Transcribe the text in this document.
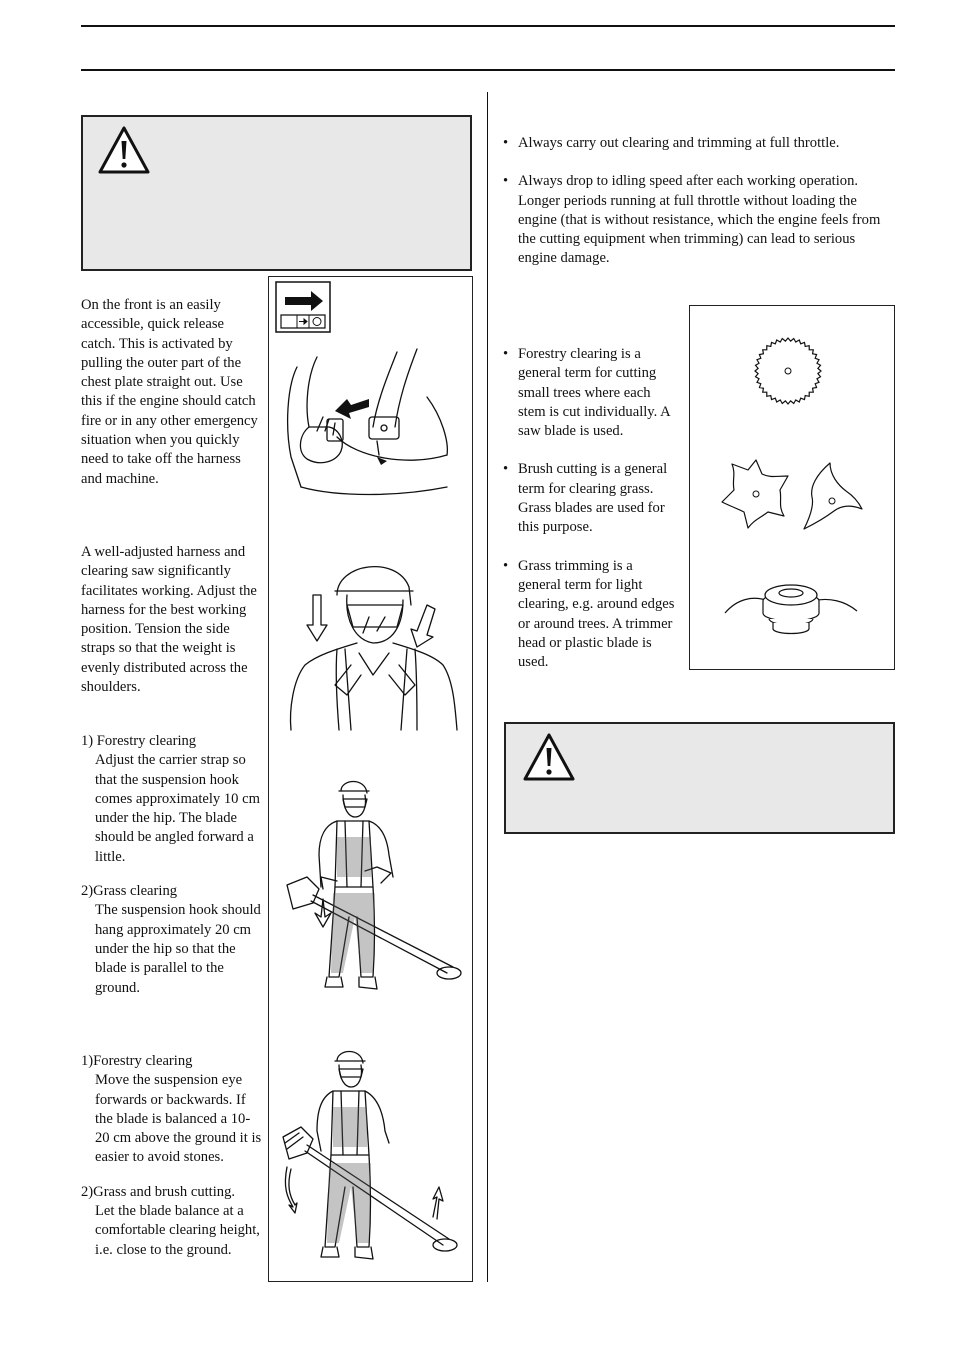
On the front is an easily accessible, quick release catch. This is activated by pulling the outer part of the chest plate straight out. Use this if the engine should catch fire or in any other emergency situation when you quickly need to take off the harness and machine.

A well-adjusted harness and clearing saw significantly facilitates working. Adjust the harness for the best working position. Tension the side straps so that the weight is evenly distributed across the shoulders.

1) Forestry clearing

Adjust the carrier strap so that the suspension hook comes approximately 10 cm under the hip. The blade should be angled forward a little.

2)Grass clearing

The suspension hook should hang approximately 20 cm under the hip so that the blade is parallel to the ground.

1)Forestry clearing

Move the suspension eye forwards or backwards. If the blade is balanced a 10-20 cm above the ground it is easier to avoid stones.

2)Grass and brush cutting.

Let the blade balance at a comfortable clearing height, i.e. close to the ground.

• Always carry out clearing and trimming at full throttle.
• Always drop to idling speed after each working operation. Longer periods running at full throttle without loading the engine (that is without resistance, which the engine feels from the cutting equipment when trimming) can lead to serious engine damage.
• Forestry clearing is a general term for cutting small trees where each stem is cut individually. A saw blade is used.
• Brush cutting is a general term for clearing grass. Grass blades are used for this purpose.
• Grass trimming is a general term for light clearing, e.g. around edges or around trees. A trimmer head or plastic blade is used.
